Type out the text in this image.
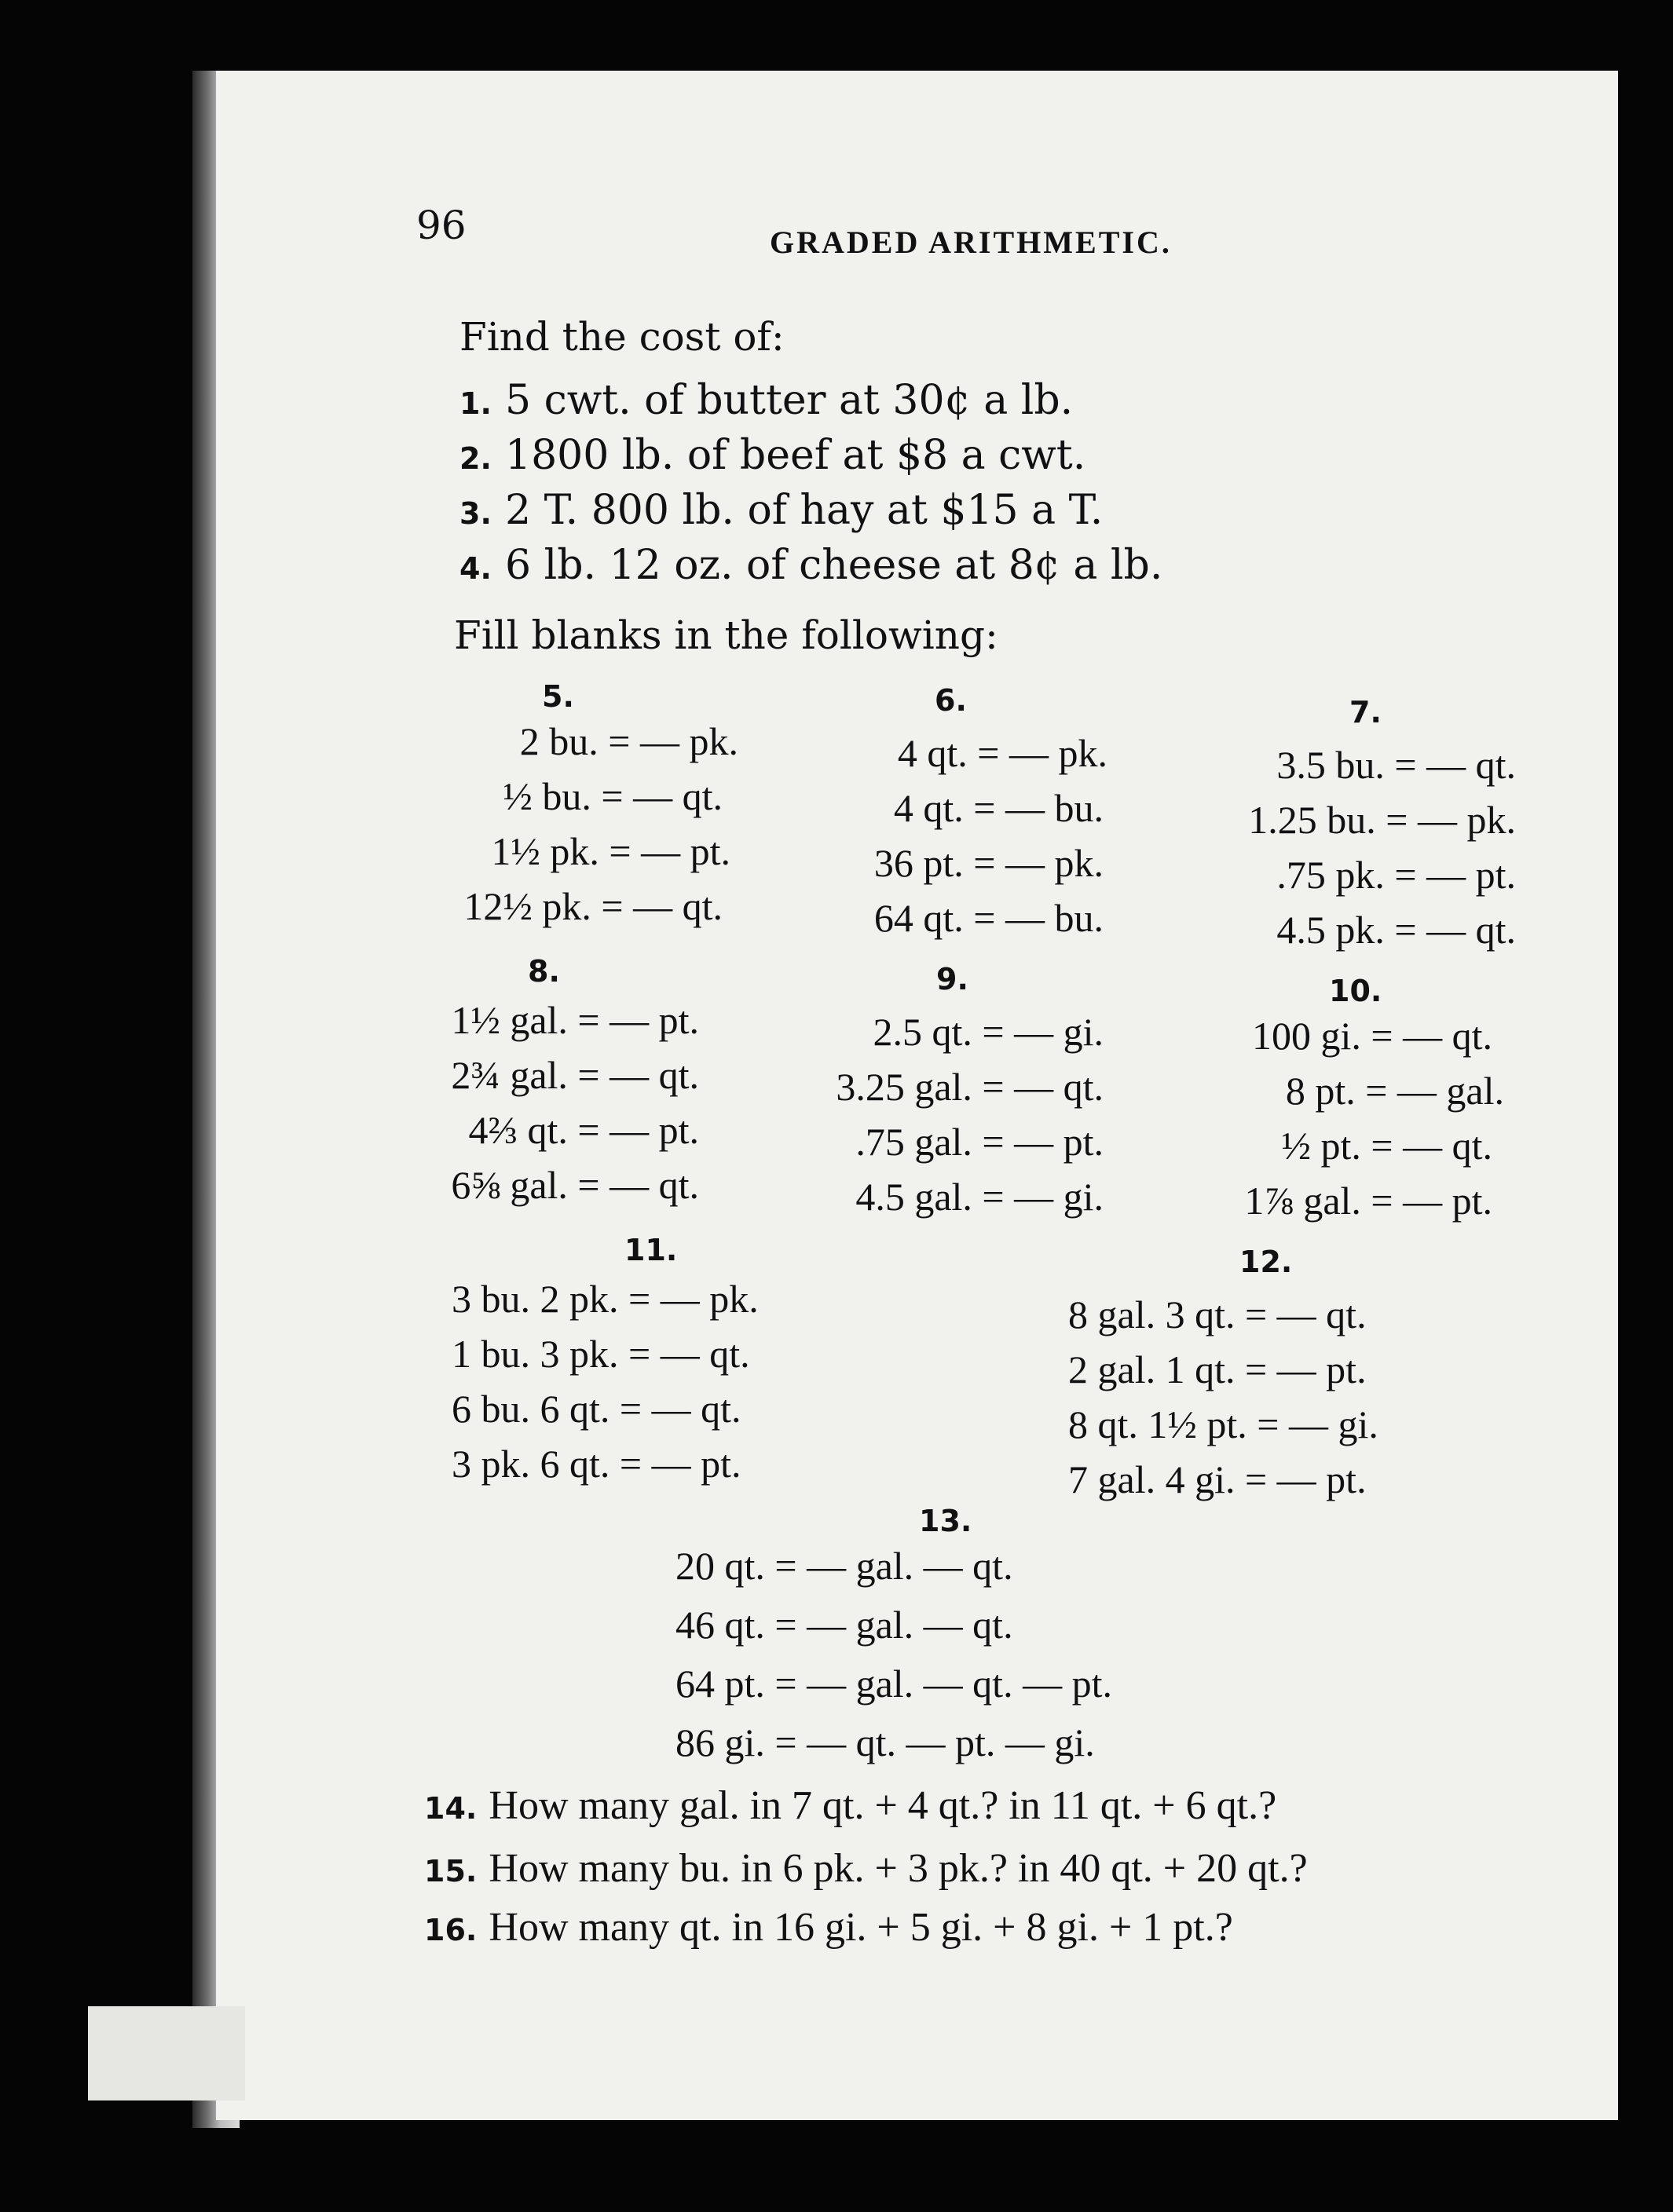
96	GRADED ARITHMETIC.
Find the cost of:
1. 5 cwt. of butter at 30¢ a lb.
2. 1800 lb. of beef at $8 a cwt.
3. 2 T. 800 lb. of hay at $15 a T.
4. 6 lb. 12 oz. of cheese at 8¢ a lb.
Fill blanks in the following:
5.
2 bu. = — pk.
½ bu. = — qt.
1½ pk. = — pt.
12½ pk. = — qt.
6.
4 qt. = — pk.
4 qt. = — bu.
36 pt. = — pk.
64 qt. = — bu.
7.
3.5 bu. = — qt.
1.25 bu. = — pk.
.75 pk. = — pt.
4.5 pk. = — qt.
8.
1½ gal. = — pt.
2¾ gal. = — qt.
4⅔ qt. = — pt.
6⅝ gal. = — qt.
9.
2.5 qt. = — gi.
3.25 gal. = — qt.
.75 gal. = — pt.
4.5 gal. = — gi.
10.
100 gi. = — qt.
8 pt. = — gal.
½ pt. = — qt.
1⅞ gal. = — pt.
11.
3 bu. 2 pk. = — pk.
1 bu. 3 pk. = — qt.
6 bu. 6 qt. = — qt.
3 pk. 6 qt. = — pt.
12.
8 gal. 3 qt. = — qt.
2 gal. 1 qt. = — pt.
8 qt. 1½ pt. = — gi.
7 gal. 4 gi. = — pt.
13.
20 qt. = — gal. — qt.
46 qt. = — gal. — qt.
64 pt. = — gal. — qt. — pt.
86 gi. = — qt. — pt. — gi.
14. How many gal. in 7 qt. + 4 qt.? in 11 qt. + 6 qt.?
15. How many bu. in 6 pk. + 3 pk.? in 40 qt. + 20 qt.?
16. How many qt. in 16 gi. + 5 gi. + 8 gi. + 1 pt.?
